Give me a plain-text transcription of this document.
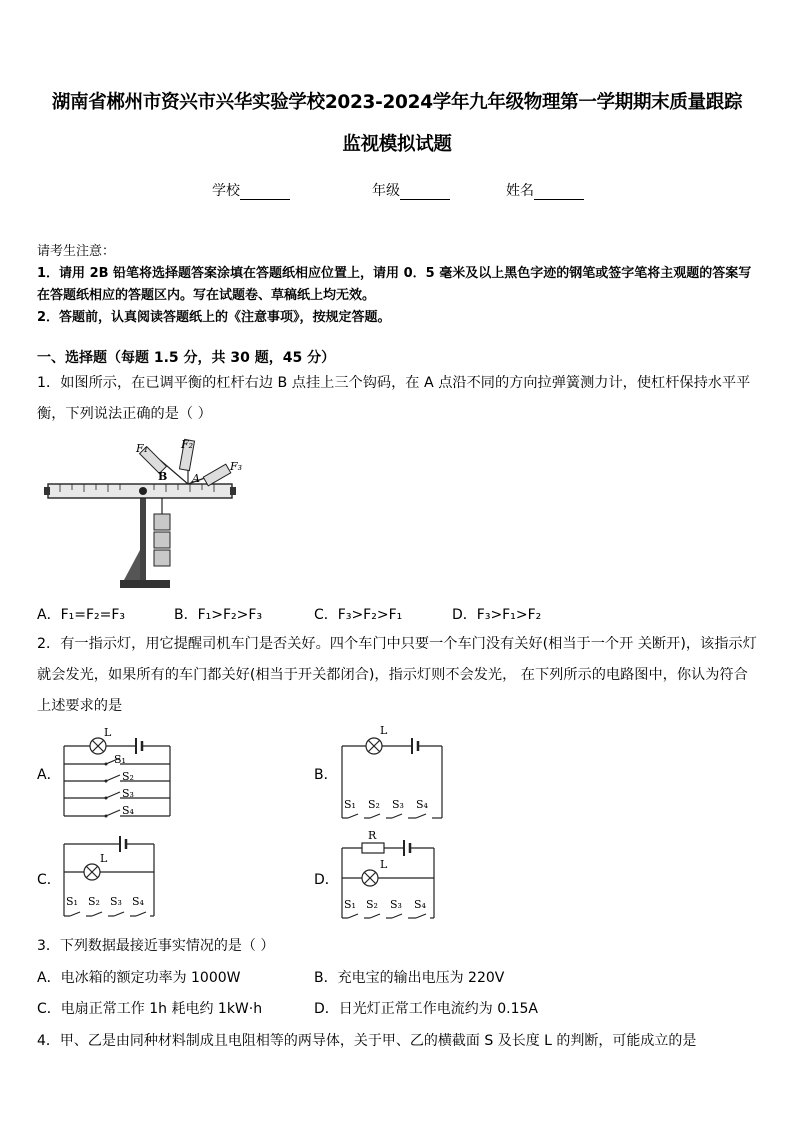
湖南省郴州市资兴市兴华实验学校2023-2024学年九年级物理第一学期期末质量跟踪
监视模拟试题
学校	年级	姓名
请考生注意：
1．请用 2B 铅笔将选择题答案涂填在答题纸相应位置上，请用 0．5 毫米及以上黑色字迹的钢笔或签字笔将主观题的答案写在答题纸相应的答题区内。写在试题卷、草稿纸上均无效。
2．答题前，认真阅读答题纸上的《注意事项》，按规定答题。
一、选择题（每题 1.5 分，共 30 题，45 分）
1．如图所示，在已调平衡的杠杆右边 B 点挂上三个钩码，在 A 点沿不同的方向拉弹簧测力计，使杠杆保持水平平衡，下列说法正确的是（ ）
F₁	F₂
F₃
A
B
A．F₁=F₂=F₃	B．F₁>F₂>F₃	C．F₃>F₂>F₁	D．F₃>F₁>F₂
2．有一指示灯，用它提醒司机车门是否关好。四个车门中只要一个车门没有关好(相当于一个开 关断开)，该指示灯就会发光，如果所有的车门都关好(相当于开关都闭合)，指示灯则不会发光， 在下列所示的电路图中，你认为符合上述要求的是
A．	B．
C．	D．
L
S₁
S₂
S₃
S₄
L
S₁ S₂ S₃ S₄
L
S₁ S₂ S₃ S₄
R
L
S₁ S₂ S₃ S₄
3．下列数据最接近事实情况的是（ ）
A．电冰箱的额定功率为 1000W	B．充电宝的输出电压为 220V
C．电扇正常工作 1h 耗电约 1kW·h	D．日光灯正常工作电流约为 0.15A
4．甲、乙是由同种材料制成且电阻相等的两导体，关于甲、乙的横截面 S 及长度 L 的判断，可能成立的是
